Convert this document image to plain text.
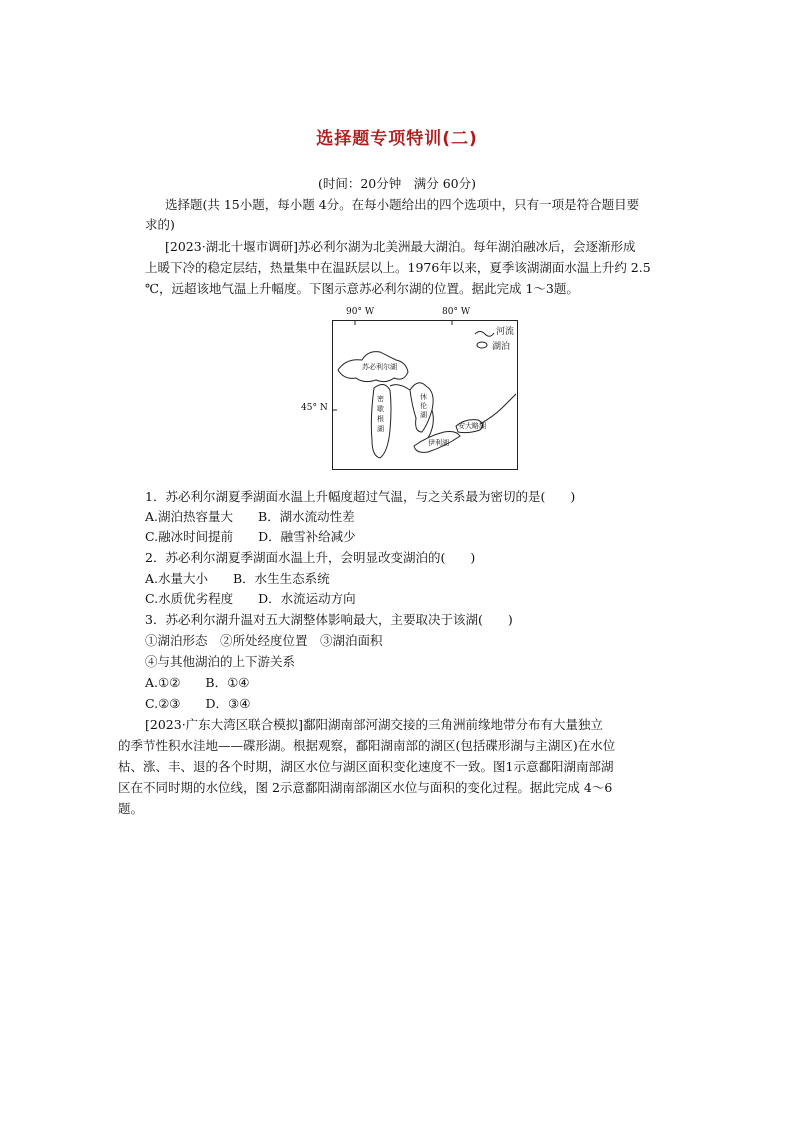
选择题专项特训(二)
(时间：20分钟　满分 60分)
选择题(共 15小题，每小题 4分。在每小题给出的四个选项中，只有一项是符合题目要
求的)
[2023·湖北十堰市调研]苏必利尔湖为北美洲最大湖泊。每年湖泊融冰后，会逐渐形成
上暖下冷的稳定层结，热量集中在温跃层以上。1976年以来，夏季该湖湖面水温上升约 2.5
℃，远超该地气温上升幅度。下图示意苏必利尔湖的位置。据此完成 1～3题。
90° W	80° W
45° N
河流
湖泊
苏必利尔湖
密歇根湖
休伦湖
伊利湖
安大略湖
1．苏必利尔湖夏季湖面水温上升幅度超过气温，与之关系最为密切的是(　　)
A.湖泊热容量大　　B．湖水流动性差
C.融冰时间提前　　D．融雪补给减少
2．苏必利尔湖夏季湖面水温上升，会明显改变湖泊的(　　)
A.水量大小　　B．水生生态系统
C.水质优劣程度　　D．水流运动方向
3．苏必利尔湖升温对五大湖整体影响最大，主要取决于该湖(　　)
①湖泊形态　②所处经度位置　③湖泊面积
④与其他湖泊的上下游关系
A.①②　　B．①④
C.②③　　D．③④
[2023·广东大湾区联合模拟]鄱阳湖南部河湖交接的三角洲前缘地带分布有大量独立
的季节性积水洼地——碟形湖。根据观察，鄱阳湖南部的湖区(包括碟形湖与主湖区)在水位
枯、涨、丰、退的各个时期，湖区水位与湖区面积变化速度不一致。图1示意鄱阳湖南部湖
区在不同时期的水位线，图 2示意鄱阳湖南部湖区水位与面积的变化过程。据此完成 4～6
题。
